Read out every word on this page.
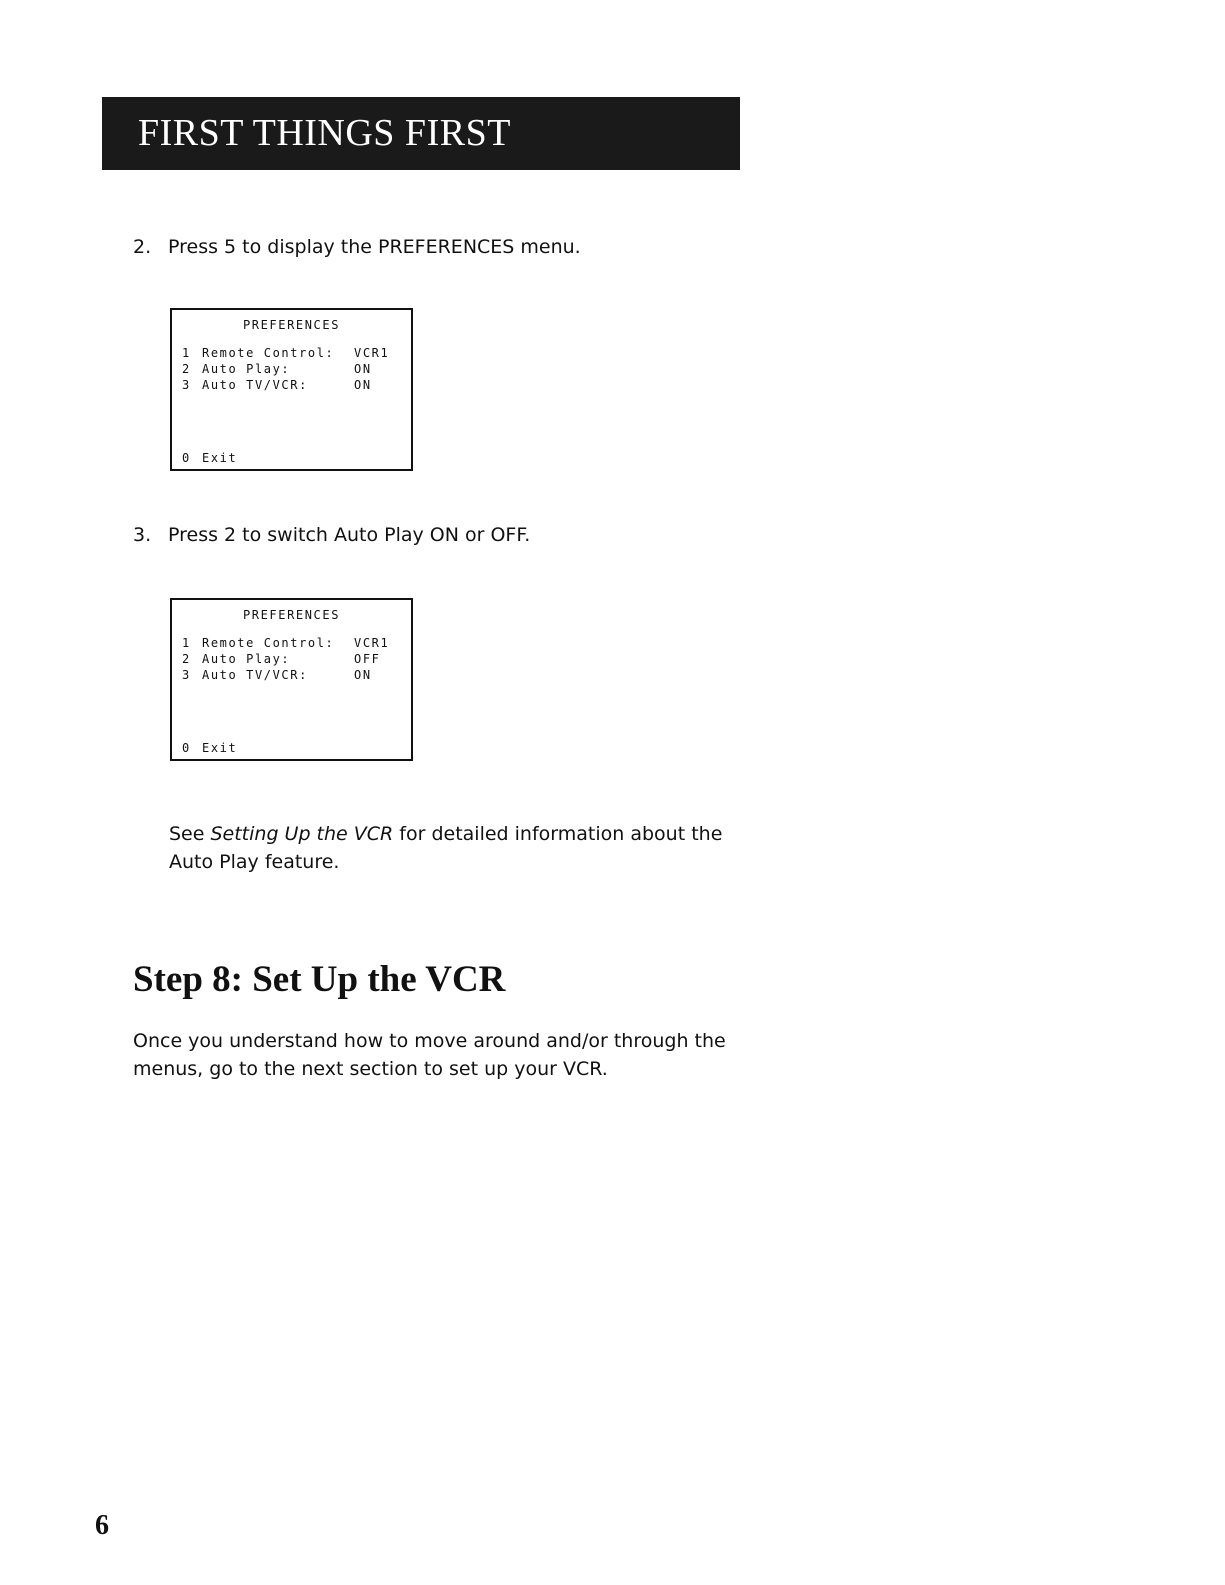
FIRST THINGS FIRST
2. Press 5 to display the PREFERENCES menu.
PREFERENCES
1 Remote Control: VCR1
2 Auto Play:	ON
3 Auto TV/VCR:	ON
0 Exit
3. Press 2 to switch Auto Play ON or OFF.
PREFERENCES
1 Remote Control: VCR1
2 Auto Play:	OFF
3 Auto TV/VCR:	ON
0 Exit

See Setting Up the VCR for detailed information about the Auto Play feature.

Step 8: Set Up the VCR

Once you understand how to move around and/or through the menus, go to the next section to set up your VCR.

6
